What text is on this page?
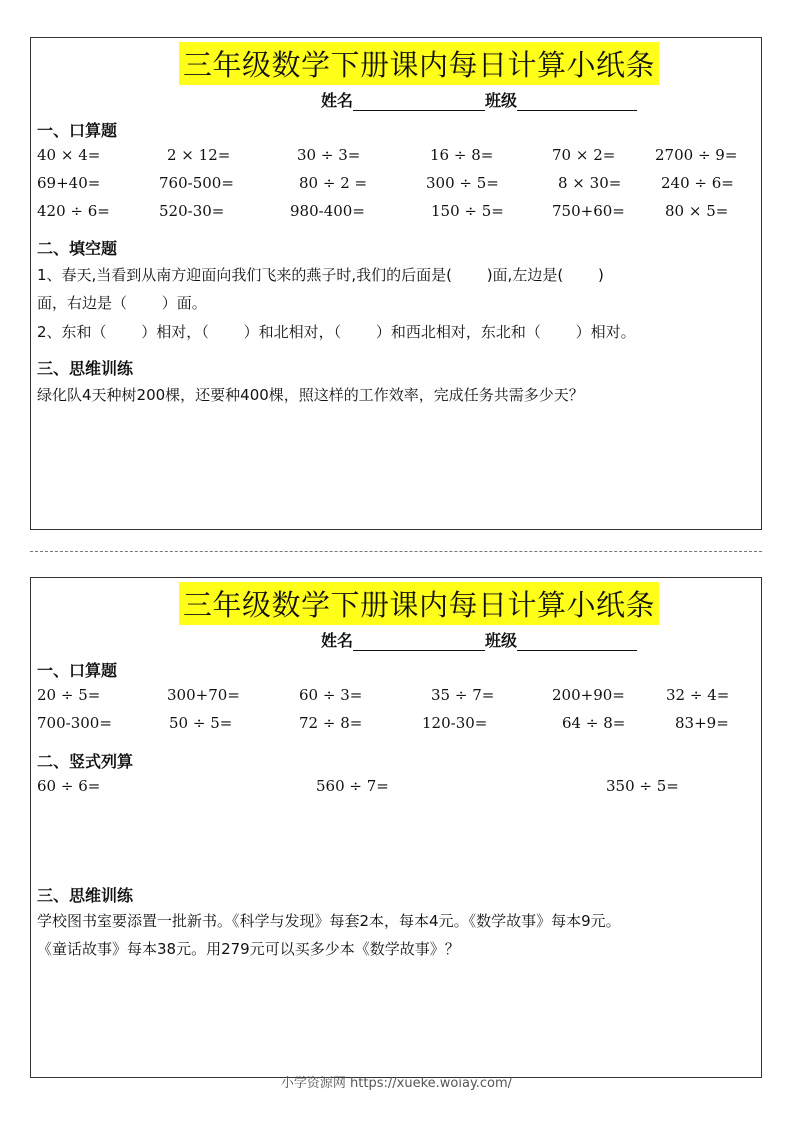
三年级数学下册课内每日计算小纸条
姓名	班级
一、口算题
40 × 4=	2 × 12=	30 ÷ 3=	16 ÷ 8=	70 × 2=	2700 ÷ 9=
69+40=	760-500=	80 ÷ 2 =	300 ÷ 5=	8 × 30=	240 ÷ 6=
420 ÷ 6=	520-30=	980-400=	150 ÷ 5=	750+60=	80 × 5=
二、填空题
1、春天,当看到从南方迎面向我们飞来的燕子时,我们的后面是(　　 )面,左边是(　　 )
面，右边是（　　 ）面。
2、东和（　　 ）相对，（　　 ）和北相对，（　　 ）和西北相对，东北和（　　 ）相对。
三、思维训练
绿化队4天种树200棵，还要种400棵，照这样的工作效率，完成任务共需多少天？
三年级数学下册课内每日计算小纸条
姓名	班级
一、口算题
20 ÷ 5=	300+70=	60 ÷ 3=	35 ÷ 7=	200+90=	32 ÷ 4=
700-300=	50 ÷ 5=	72 ÷ 8=	120-30=	64 ÷ 8=	83+9=
二、竖式列算
60 ÷ 6=	560 ÷ 7=	350 ÷ 5=
三、思维训练
学校图书室要添置一批新书。《科学与发现》每套2本，每本4元。《数学故事》每本9元。
《童话故事》每本38元。用279元可以买多少本《数学故事》？
小学资源网 https://xueke.woiay.com/
